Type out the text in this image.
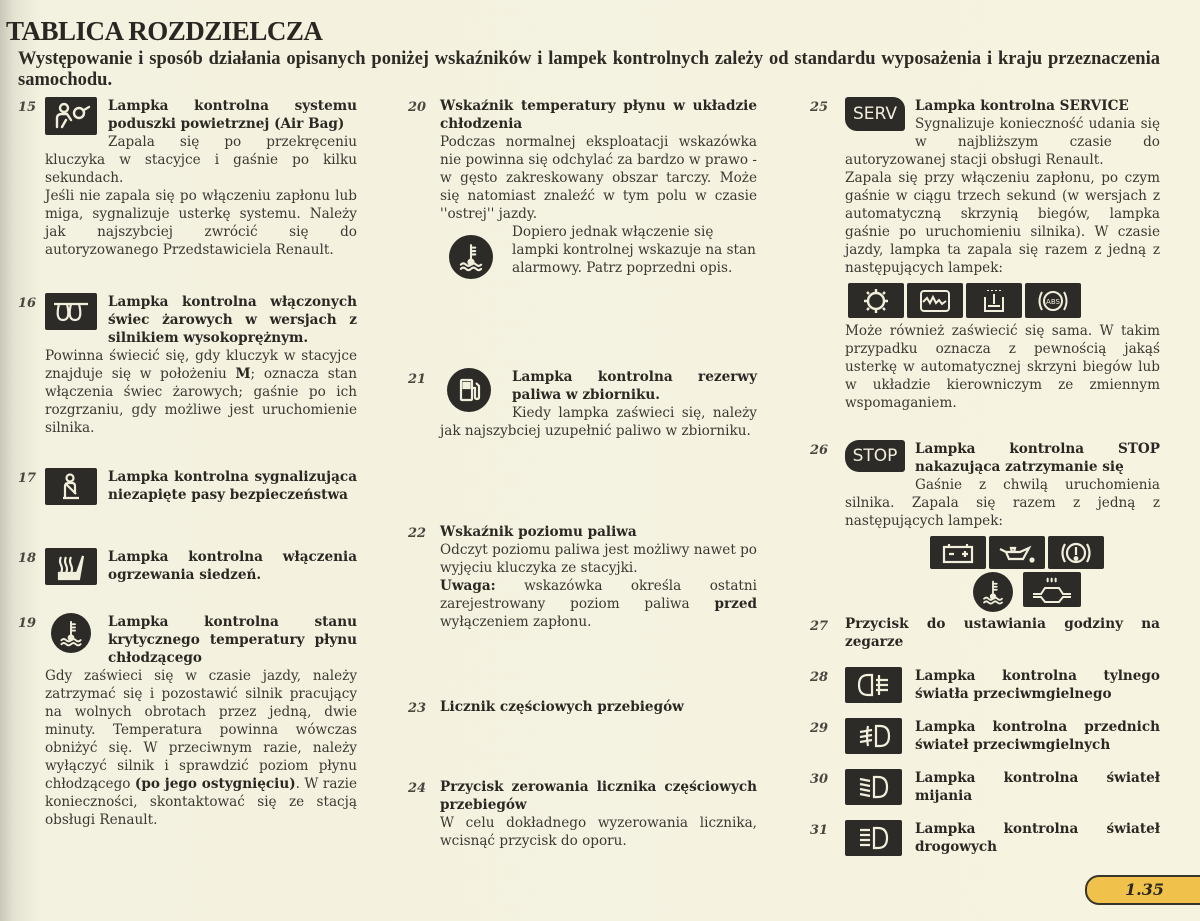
TABLICA ROZDZIELCZA
Występowanie i sposób działania opisanych poniżej wskaźników i lampek kontrolnych zależy od standardu wyposażenia i kraju przeznaczenia samochodu.
15	Lampka kontrolna systemu poduszki powietrznej (Air Bag)

Zapala się po przekręceniu kluczyka w stacyjce i gaśnie po kilku sekundach.

Jeśli nie zapala się po włączeniu zapłonu lub miga, sygnalizuje usterkę systemu. Należy jak najszybciej zwrócić się do autoryzowanego Przedstawiciela Renault.

16	Lampka kontrolna włączonych świec żarowych w wersjach z silnikiem wysokoprężnym.

Powinna świecić się, gdy kluczyk w stacyjce znajduje się w położeniu M; oznacza stan włączenia świec żarowych; gaśnie po ich rozgrzaniu, gdy możliwe jest uruchomienie silnika.

17	Lampka kontrolna sygnalizująca niezapięte pasy bezpieczeństwa
18	Lampka kontrolna włączenia ogrzewania siedzeń.
19	Lampka kontrolna stanu krytycznego temperatury płynu chłodzącego

Gdy zaświeci się w czasie jazdy, należy zatrzymać się i pozostawić silnik pracujący na wolnych obrotach przez jedną, dwie minuty. Temperatura powinna wówczas obniżyć się. W przeciwnym razie, należy wyłączyć silnik i sprawdzić poziom płynu chłodzącego (po jego ostygnięciu). W razie konieczności, skontaktować się ze stacją obsługi Renault.

20 Wskaźnik temperatury płynu w układzie chłodzenia

Podczas normalnej eksploatacji wskazówka nie powinna się odchylać za bardzo w prawo - w gęsto zakreskowany obszar tarczy. Może się natomiast znaleźć w tym polu w czasie ''ostrej'' jazdy.

Dopiero jednak włączenie się lampki kontrolnej wskazuje na stan alarmowy. Patrz poprzedni opis.

21	Lampka kontrolna rezerwy paliwa w zbiorniku.

Kiedy lampka zaświeci się, należy jak najszybciej uzupełnić paliwo w zbiorniku.

22 Wskaźnik poziomu paliwa

Odczyt poziomu paliwa jest możliwy nawet po wyjęciu kluczyka ze stacyjki.

Uwaga: wskazówka określa ostatni zarejestrowany poziom paliwa przed wyłączeniem zapłonu.

23 Licznik częściowych przebiegów
24 Przycisk zerowania licznika częściowych przebiegów

W celu dokładnego wyzerowania licznika, wcisnąć przycisk do oporu.

25 SERV	Lampka kontrolna SERVICE

Sygnalizuje konieczność udania się w najbliższym czasie do autoryzowanej stacji obsługi Renault.

Zapala się przy włączeniu zapłonu, po czym gaśnie w ciągu trzech sekund (w wersjach z automatyczną skrzynią biegów, lampka gaśnie po uruchomieniu silnika). W czasie jazdy, lampka ta zapala się razem z jedną z następujących lampek:

ABS

Może również zaświecić się sama. W takim przypadku oznacza z pewnością jakąś usterkę w automatycznej skrzyni biegów lub w układzie kierowniczym ze zmiennym wspomaganiem.

26 STOP	Lampka kontrolna STOP nakazująca zatrzymanie się

Gaśnie z chwilą uruchomienia silnika. Zapala się razem z jedną z następujących lampek:

27 Przycisk do ustawiania godziny na zegarze
28	Lampka kontrolna tylnego światła przeciwmgielnego
29	Lampka kontrolna przednich świateł przeciwmgielnych
30	Lampka kontrolna świateł mijania
31	Lampka kontrolna świateł drogowych
1.35
